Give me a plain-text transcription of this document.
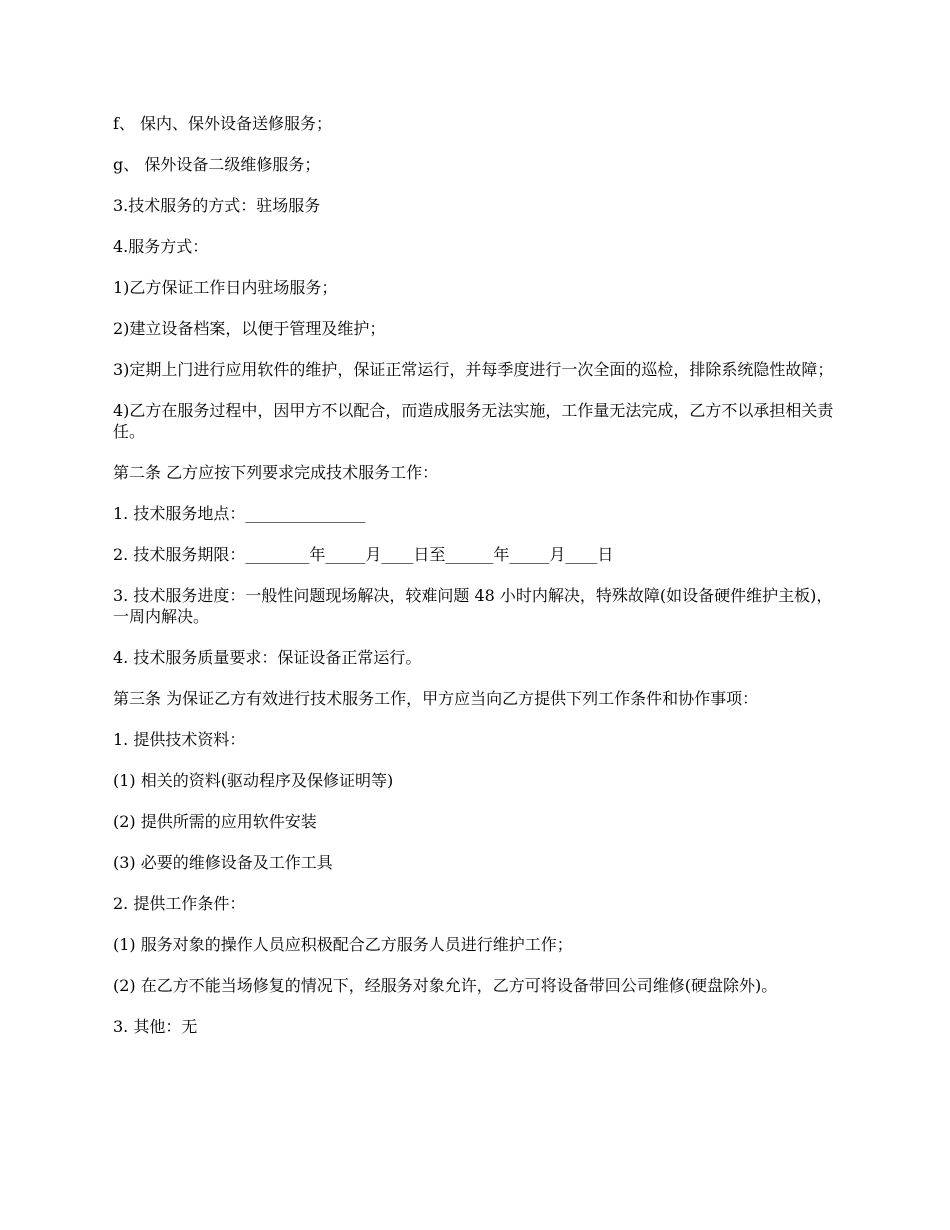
f、 保内、保外设备送修服务；

g、 保外设备二级维修服务；

3.技术服务的方式：驻场服务

4.服务方式：

1)乙方保证工作日内驻场服务；

2)建立设备档案，以便于管理及维护；

3)定期上门进行应用软件的维护，保证正常运行，并每季度进行一次全面的巡检，排除系统隐性故障；

4)乙方在服务过程中，因甲方不以配合，而造成服务无法实施，工作量无法完成，乙方不以承担相关责任。

第二条 乙方应按下列要求完成技术服务工作：

1. 技术服务地点：_______________

2. 技术服务期限：________年_____月____日至______年_____月____日

3. 技术服务进度：一般性问题现场解决，较难问题 48 小时内解决，特殊故障(如设备硬件维护主板)，一周内解决。

4. 技术服务质量要求：保证设备正常运行。

第三条 为保证乙方有效进行技术服务工作，甲方应当向乙方提供下列工作条件和协作事项：

1. 提供技术资料：

(1) 相关的资料(驱动程序及保修证明等)

(2) 提供所需的应用软件安装

(3) 必要的维修设备及工作工具

2. 提供工作条件：

(1) 服务对象的操作人员应积极配合乙方服务人员进行维护工作；

(2) 在乙方不能当场修复的情况下，经服务对象允许，乙方可将设备带回公司维修(硬盘除外)。

3. 其他：无
